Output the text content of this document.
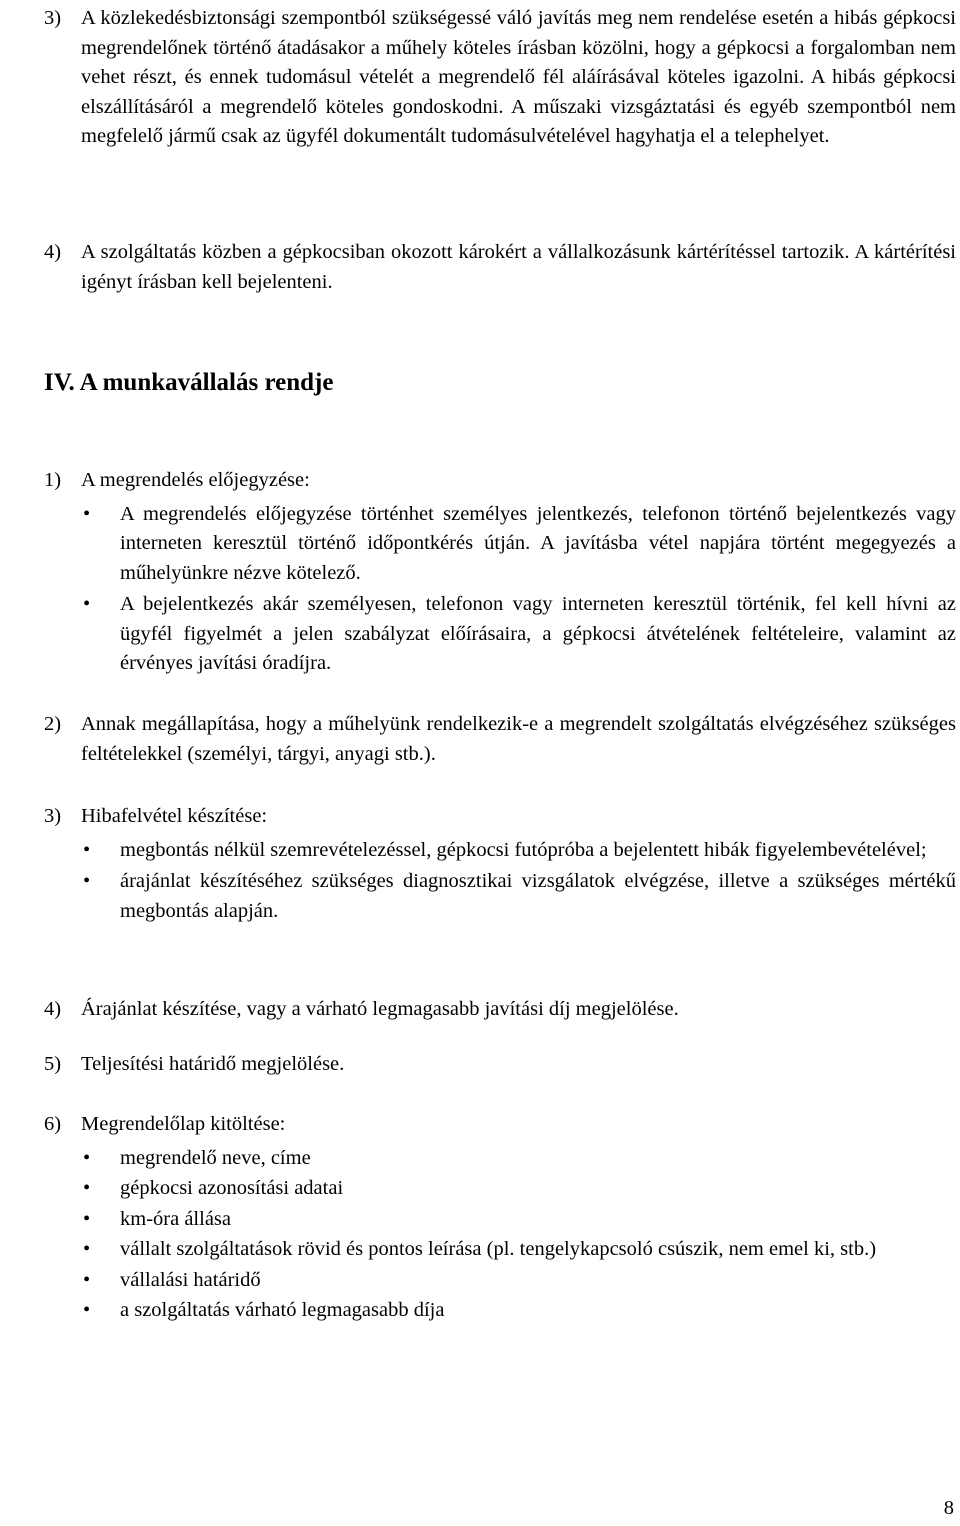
3) A közlekedésbiztonsági szempontból szükségessé váló javítás meg nem rendelése esetén a hibás gépkocsi megrendelőnek történő átadásakor a műhely köteles írásban közölni, hogy a gépkocsi a forgalomban nem vehet részt, és ennek tudomásul vételét a megrendelő fél aláírásával köteles igazolni. A hibás gépkocsi elszállításáról a megrendelő köteles gondoskodni. A műszaki vizsgáztatási és egyéb szempontból nem megfelelő jármű csak az ügyfél dokumentált tudomásulvételével hagyhatja el a telephelyet.

4) A szolgáltatás közben a gépkocsiban okozott károkért a vállalkozásunk kártérítéssel tartozik. A kártérítési igényt írásban kell bejelenteni.

IV. A munkavállalás rendje
1) A megrendelés előjegyzése:

• A megrendelés előjegyzése történhet személyes jelentkezés, telefonon történő bejelentkezés vagy interneten keresztül történő időpontkérés útján. A javításba vétel napjára történt megegyezés a műhelyünkre nézve kötelező.
• A bejelentkezés akár személyesen, telefonon vagy interneten keresztül történik, fel kell hívni az ügyfél figyelmét a jelen szabályzat előírásaira, a gépkocsi átvételének feltételeire, valamint az érvényes javítási óradíjra.
2) Annak megállapítása, hogy a műhelyünk rendelkezik-e a megrendelt szolgáltatás elvégzéséhez szükséges feltételekkel (személyi, tárgyi, anyagi stb.).

3) Hibafelvétel készítése:

• megbontás nélkül szemrevételezéssel, gépkocsi futópróba a bejelentett hibák figyelembevételével;
• árajánlat készítéséhez szükséges diagnosztikai vizsgálatok elvégzése, illetve a szükséges mértékű megbontás alapján.
4) Árajánlat készítése, vagy a várható legmagasabb javítási díj megjelölése.

5) Teljesítési határidő megjelölése.

6) Megrendelőlap kitöltése:

• megrendelő neve, címe
• gépkocsi azonosítási adatai
• km-óra állása
• vállalt szolgáltatások rövid és pontos leírása (pl. tengelykapcsoló csúszik, nem emel ki, stb.)
• vállalási határidő
• a szolgáltatás várható legmagasabb díja
8
